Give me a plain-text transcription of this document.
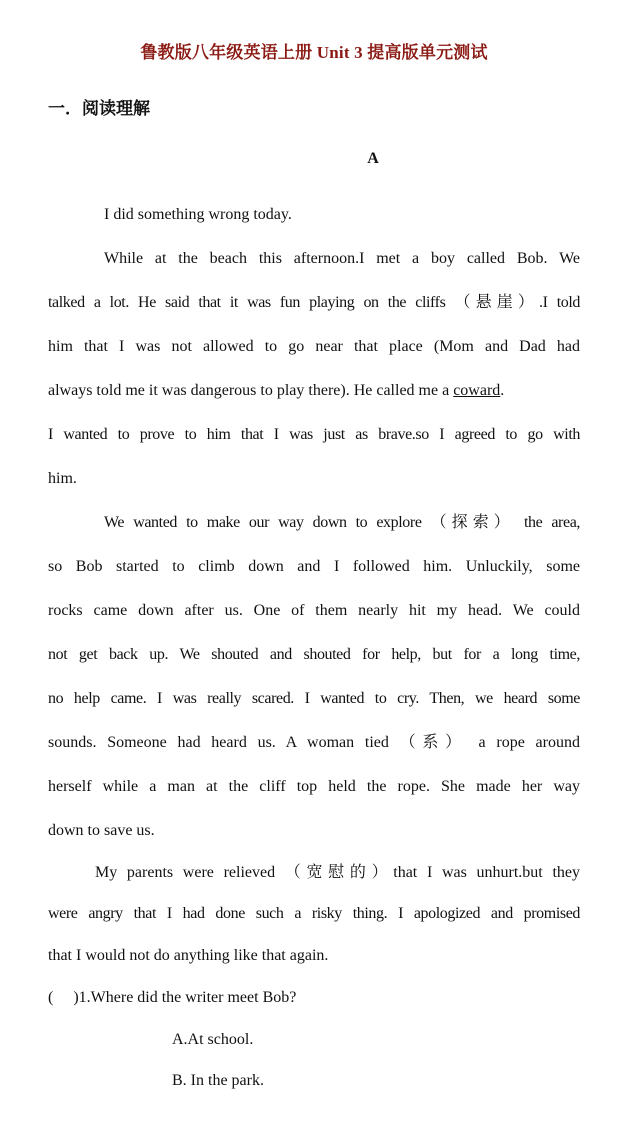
鲁教版八年级英语上册 Unit 3 提高版单元测试
一．阅读理解
A
I did something wrong today.
While at the beach this afternoon.I met a boy called Bob. We
talked a lot. He said that it was fun playing on the cliffs （悬崖）.I told
him that I was not allowed to go near that place (Mom and Dad had
always told me it was dangerous to play there). He called me a coward.
I wanted to prove to him that I was just as brave.so I agreed to go with
him.
We wanted to make our way down to explore （探索） the area,
so Bob started to climb down and I followed him. Unluckily, some
rocks came down after us. One of them nearly hit my head. We could
not get back up. We shouted and shouted for help, but for a long time,
no help came. I was really scared. I wanted to cry. Then, we heard some
sounds. Someone had heard us. A woman tied （系） a rope around
herself while a man at the cliff top held the rope. She made her way
down to save us.
My parents were relieved （宽慰的）that I was unhurt.but they
were angry that I had done such a risky thing. I apologized and promised
that I would not do anything like that again.
(     )1.Where did the writer meet Bob?
A.At school.
B. In the park.
